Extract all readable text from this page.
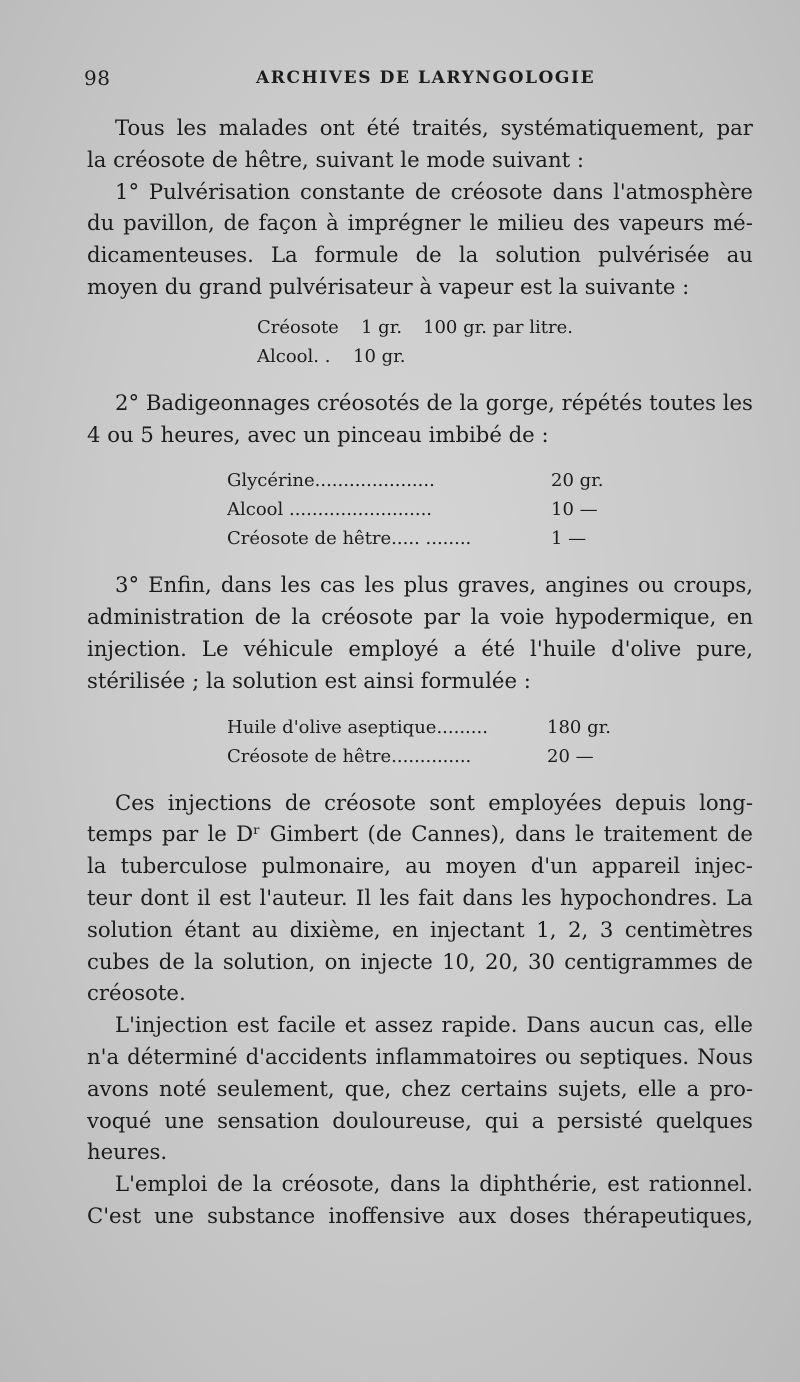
98	ARCHIVES DE LARYNGOLOGIE
Tous les malades ont été traités, systématiquement, par
la créosote de hêtre, suivant le mode suivant :
1° Pulvérisation constante de créosote dans l'atmosphère
du pavillon, de façon à imprégner le milieu des vapeurs mé-
dicamenteuses. La formule de la solution pulvérisée au
moyen du grand pulvérisateur à vapeur est la suivante :
Créosote	1 gr.	100 gr. par litre.
Alcool. .	10 gr.
2° Badigeonnages créosotés de la gorge, répétés toutes les
4 ou 5 heures, avec un pinceau imbibé de :
Glycérine.....................	20 gr.
Alcool .........................	10 —
Créosote de hêtre..... ........	1 —
3° Enfin, dans les cas les plus graves, angines ou croups,
administration de la créosote par la voie hypodermique, en
injection. Le véhicule employé a été l'huile d'olive pure,
stérilisée ; la solution est ainsi formulée :
Huile d'olive aseptique.........	180 gr.
Créosote de hêtre..............	20 —
Ces injections de créosote sont employées depuis long-
temps par le Dʳ Gimbert (de Cannes), dans le traitement de
la tuberculose pulmonaire, au moyen d'un appareil injec-
teur dont il est l'auteur. Il les fait dans les hypochondres. La
solution étant au dixième, en injectant 1, 2, 3 centimètres
cubes de la solution, on injecte 10, 20, 30 centigrammes de
créosote.
L'injection est facile et assez rapide. Dans aucun cas, elle
n'a déterminé d'accidents inflammatoires ou septiques. Nous
avons noté seulement, que, chez certains sujets, elle a pro-
voqué une sensation douloureuse, qui a persisté quelques
heures.
L'emploi de la créosote, dans la diphthérie, est rationnel.
C'est une substance inoffensive aux doses thérapeutiques,
